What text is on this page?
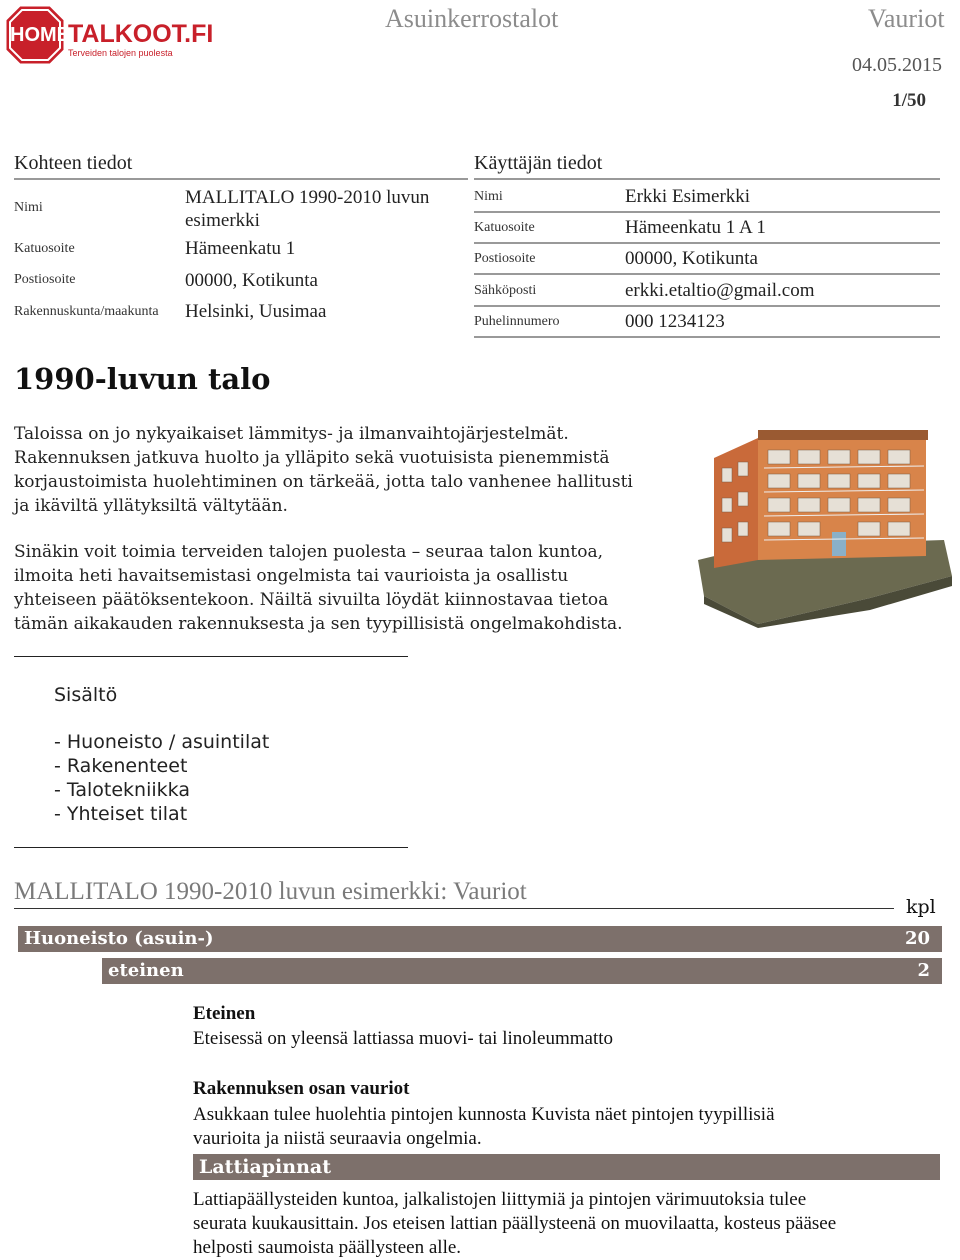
HOME
TALKOOT.FI
Terveiden talojen puolesta
Asuinkerrostalot	Vauriot
04.05.2015
1/50
Kohteen tiedot
Nimi	MALLITALO 1990-2010 luvun
esimerkki
Katuosoite	Hämeenkatu 1
Postiosoite	00000, Kotikunta
Rakennuskunta/maakunta Helsinki, Uusimaa
Käyttäjän tiedot
Nimi	Erkki Esimerkki
Katuosoite	Hämeenkatu 1 A 1
Postiosoite	00000, Kotikunta
Sähköposti	erkki.etaltio@gmail.com
Puhelinnumero	000 1234123
1990-luvun talo
Taloissa on jo nykyaikaiset lämmitys- ja ilmanvaihtojärjestelmät.
Rakennuksen jatkuva huolto ja ylläpito sekä vuotuisista pienemmistä
korjaustoimista huolehtiminen on tärkeää, jotta talo vanhenee hallitusti
ja ikäviltä yllätyksiltä vältytään.
Sinäkin voit toimia terveiden talojen puolesta – seuraa talon kuntoa,
ilmoita heti havaitsemistasi ongelmista tai vaurioista ja osallistu
yhteiseen päätöksentekoon. Näiltä sivuilta löydät kiinnostavaa tietoa
tämän aikakauden rakennuksesta ja sen tyypillisistä ongelmakohdista.
Sisältö
- Huoneisto / asuintilat
- Rakenenteet
- Talotekniikka
- Yhteiset tilat
MALLITALO 1990-2010 luvun esimerkki: Vauriot
kpl
Huoneisto (asuin-)	20
eteinen	2
Eteinen
Eteisessä on yleensä lattiassa muovi- tai linoleummatto
Rakennuksen osan vauriot
Asukkaan tulee huolehtia pintojen kunnosta Kuvista näet pintojen tyypillisiä
vaurioita ja niistä seuraavia ongelmia.
Lattiapinnat
Lattiapäällysteiden kuntoa, jalkalistojen liittymiä ja pintojen värimuutoksia tulee
seurata kuukausittain. Jos eteisen lattian päällysteenä on muovilaatta, kosteus pääsee
helposti saumoista päällysteen alle.
